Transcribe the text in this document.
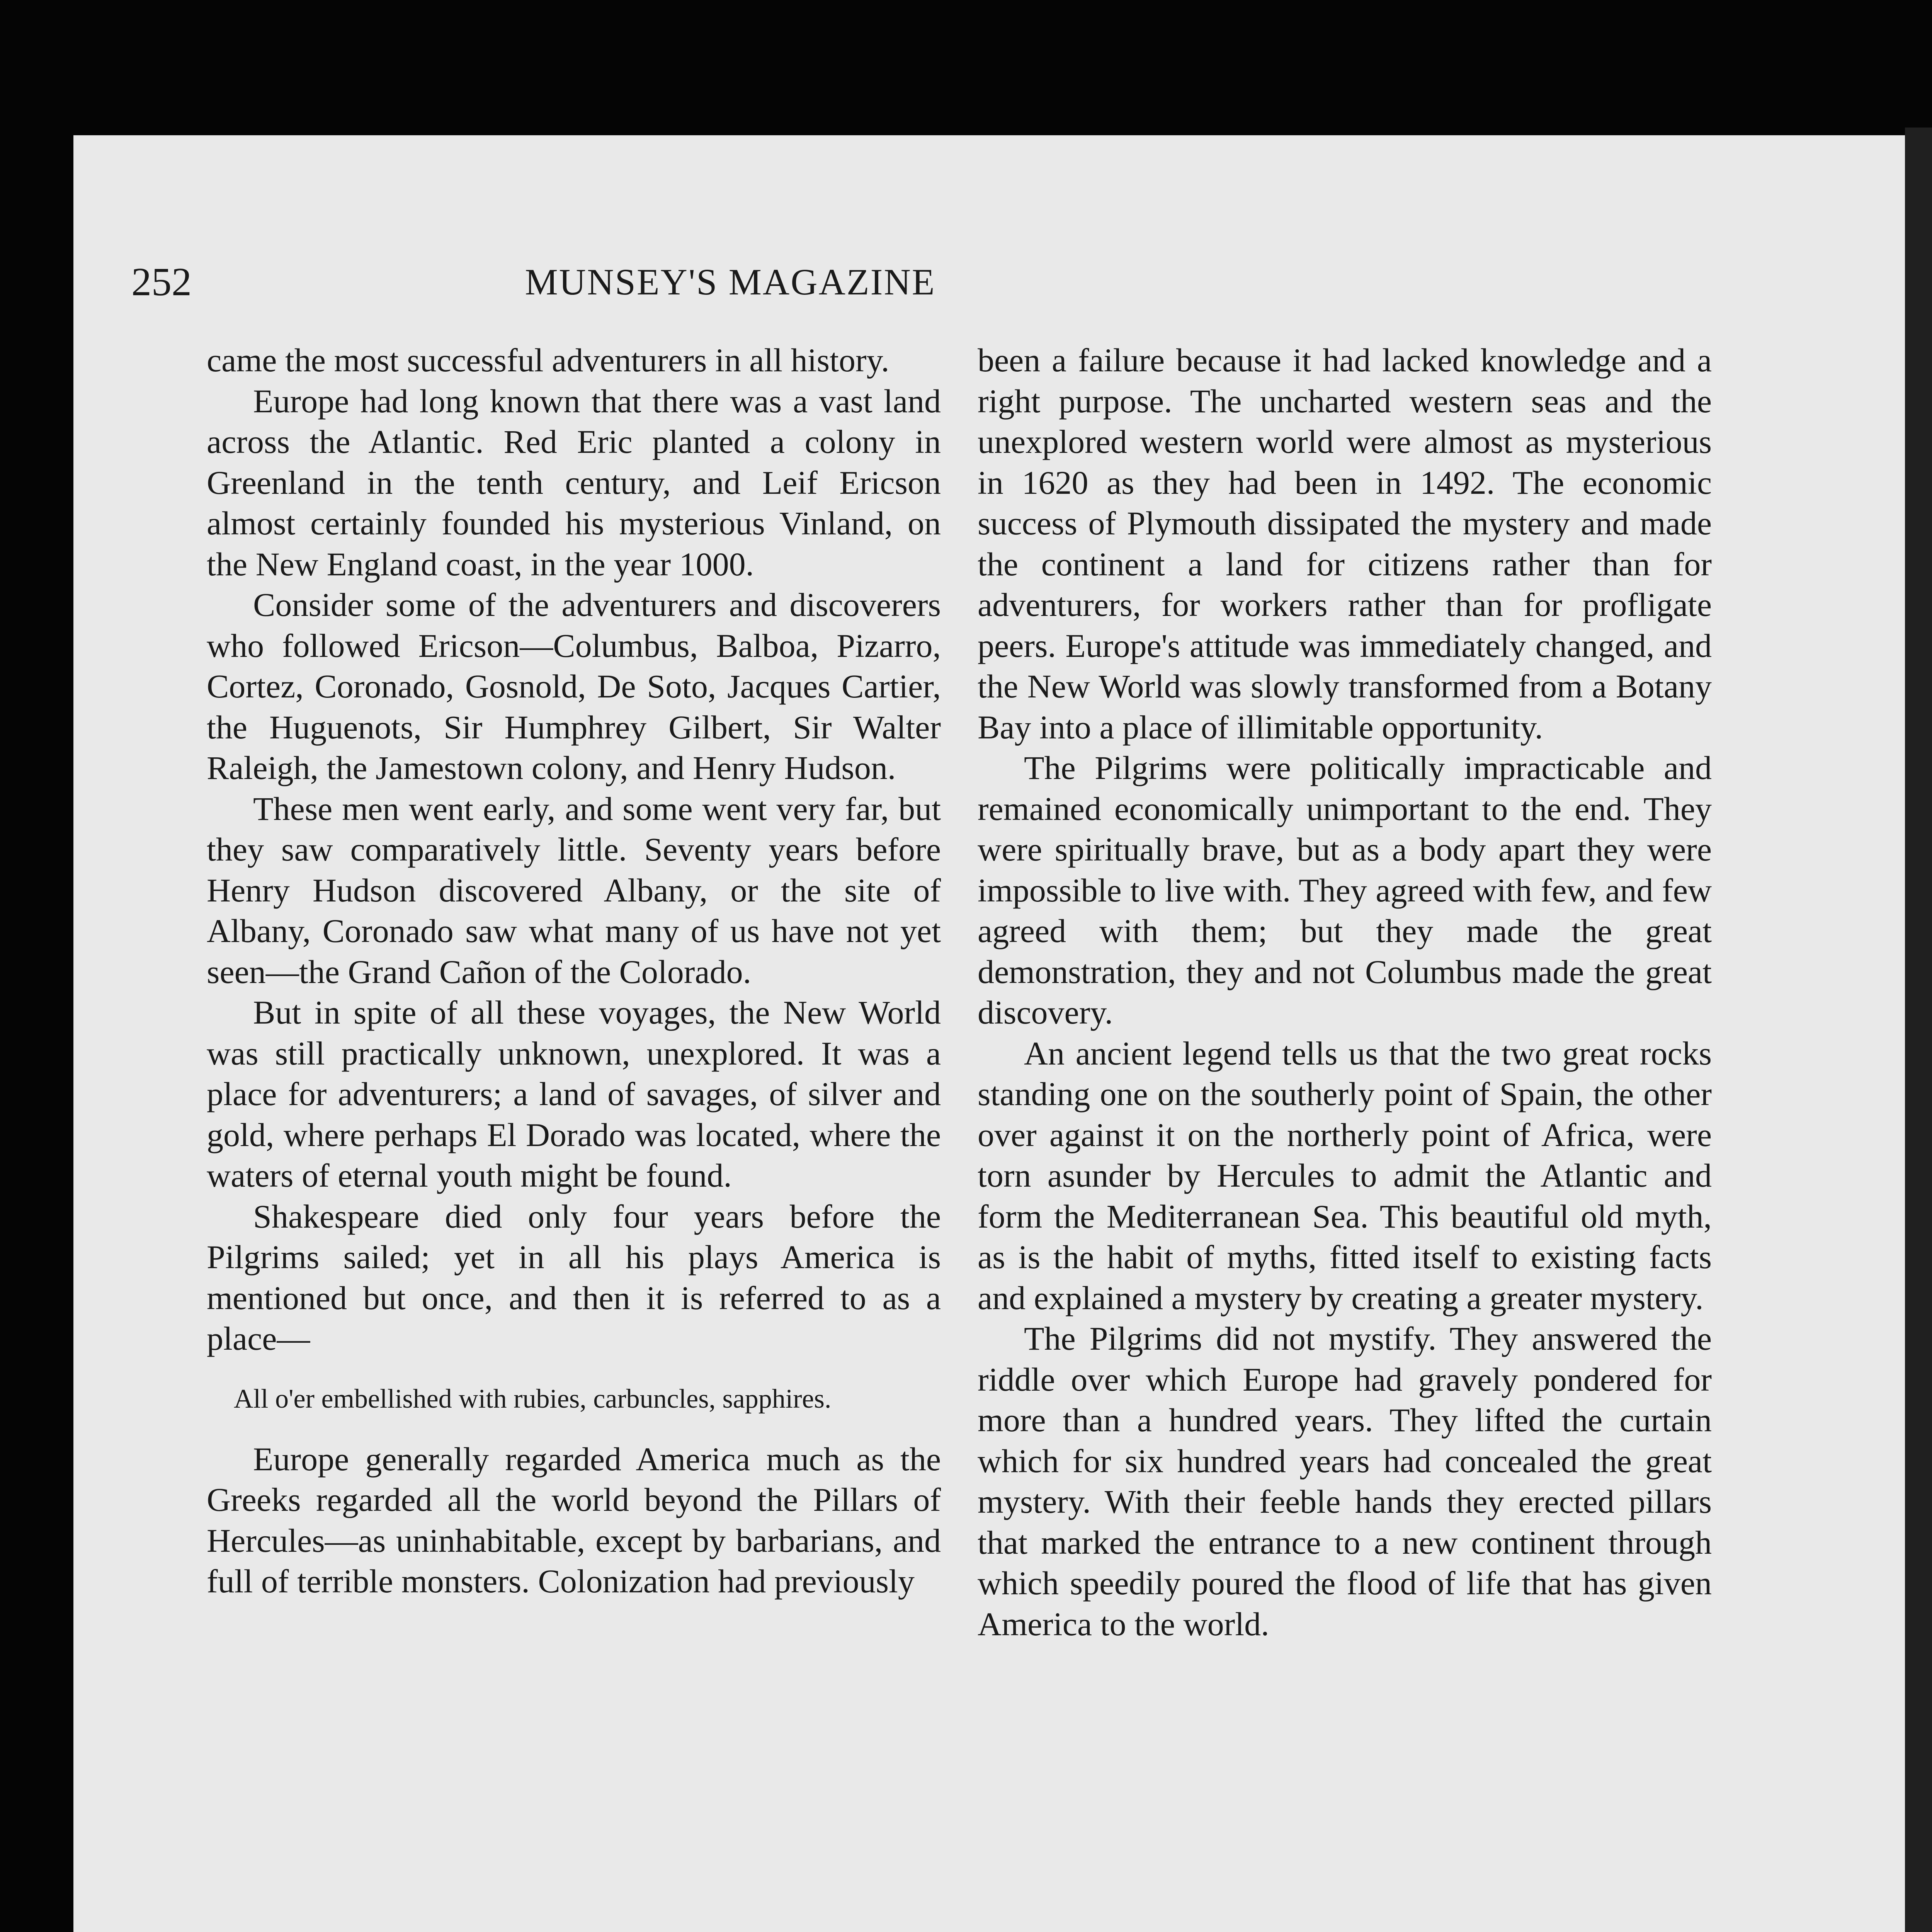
252	MUNSEY'S MAGAZINE

came the most successful adventurers in all history.

Europe had long known that there was a vast land across the Atlantic. Red Eric planted a colony in Greenland in the tenth century, and Leif Ericson almost certainly founded his mysterious Vinland, on the New England coast, in the year 1000.

Consider some of the adventurers and discoverers who followed Ericson—Columbus, Balboa, Pizarro, Cortez, Coronado, Gosnold, De Soto, Jacques Cartier, the Huguenots, Sir Humphrey Gilbert, Sir Walter Raleigh, the Jamestown colony, and Henry Hudson.

These men went early, and some went very far, but they saw comparatively little. Seventy years before Henry Hudson discovered Albany, or the site of Albany, Coronado saw what many of us have not yet seen—the Grand Cañon of the Colorado.

But in spite of all these voyages, the New World was still practically unknown, unexplored. It was a place for adventurers; a land of savages, of silver and gold, where perhaps El Dorado was located, where the waters of eternal youth might be found.

Shakespeare died only four years before the Pilgrims sailed; yet in all his plays America is mentioned but once, and then it is referred to as a place—

All o'er embellished with rubies, carbuncles, sapphires.

Europe generally regarded America much as the Greeks regarded all the world beyond the Pillars of Hercules—as uninhabitable, except by barbarians, and full of terrible monsters. Colonization had previously

been a failure because it had lacked knowledge and a right purpose. The uncharted western seas and the unexplored western world were almost as mysterious in 1620 as they had been in 1492. The economic success of Plymouth dissipated the mystery and made the continent a land for citizens rather than for adventurers, for workers rather than for profligate peers. Europe's attitude was immediately changed, and the New World was slowly transformed from a Botany Bay into a place of illimitable opportunity.

The Pilgrims were politically impracticable and remained economically unimportant to the end. They were spiritually brave, but as a body apart they were impossible to live with. They agreed with few, and few agreed with them; but they made the great demonstration, they and not Columbus made the great discovery.

An ancient legend tells us that the two great rocks standing one on the southerly point of Spain, the other over against it on the northerly point of Africa, were torn asunder by Hercules to admit the Atlantic and form the Mediterranean Sea. This beautiful old myth, as is the habit of myths, fitted itself to existing facts and explained a mystery by creating a greater mystery.

The Pilgrims did not mystify. They answered the riddle over which Europe had gravely pondered for more than a hundred years. They lifted the curtain which for six hundred years had concealed the great mystery. With their feeble hands they erected pillars that marked the entrance to a new continent through which speedily poured the flood of life that has given America to the world.
